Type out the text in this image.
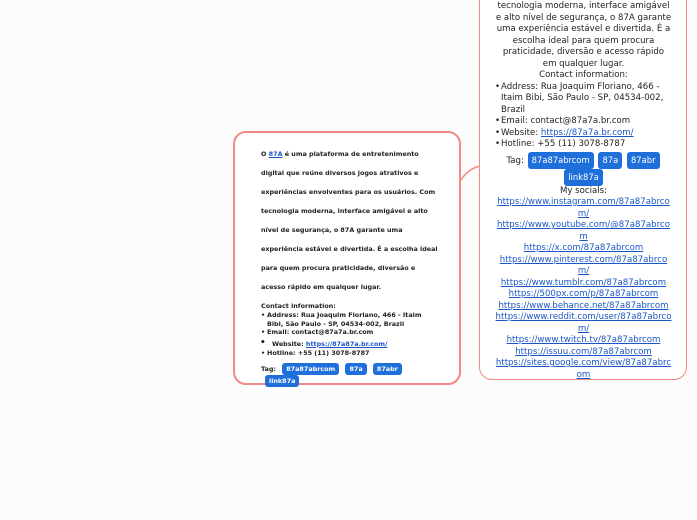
O 87A é uma plataforma de entretenimento digital que reúne diversos jogos atrativos e experiências envolventes para os usuários. Com tecnologia moderna, interface amigável e alto nível de segurança, o 87A garante uma experiência estável e divertida. É a escolha ideal para quem procura praticidade, diversão e acesso rápido em qualquer lugar.

Contact information:
• Address: Rua Joaquim Floriano, 466 - Itaim Bibi, São Paulo - SP, 04534-002, Brazil
• Email: contact@87a7a.br.com
• Website: https://87a87a.br.com/
• Hotline: +55 (11) 3078-8787
Tag: 87a87abrcom 87a 87abr link87a
tecnologia moderna, interface amigável e alto nível de segurança, o 87A garante uma experiência estável e divertida. É a escolha ideal para quem procura praticidade, diversão e acesso rápido em qualquer lugar.
Contact information:
• Address: Rua Joaquim Floriano, 466 - Itaim Bibi, São Paulo - SP, 04534-002, Brazil
• Email: contact@87a7a.br.com
• Website: https://87a7a.br.com/
• Hotline: +55 (11) 3078-8787
Tag: 87a87abrcom 87a 87abr link87a
My socials:
https://www.instagram.com/87a87abrcom/
https://www.youtube.com/@87a87abrcom
https://x.com/87a87abrcom
https://www.pinterest.com/87a87abrcom/
https://www.tumblr.com/87a87abrcom
https://500px.com/p/87a87abrcom
https://www.behance.net/87a87abrcom
https://www.reddit.com/user/87a87abrcom/
https://www.twitch.tv/87a87abrcom
https://issuu.com/87a87abrcom
https://sites.google.com/view/87a87abrcom
